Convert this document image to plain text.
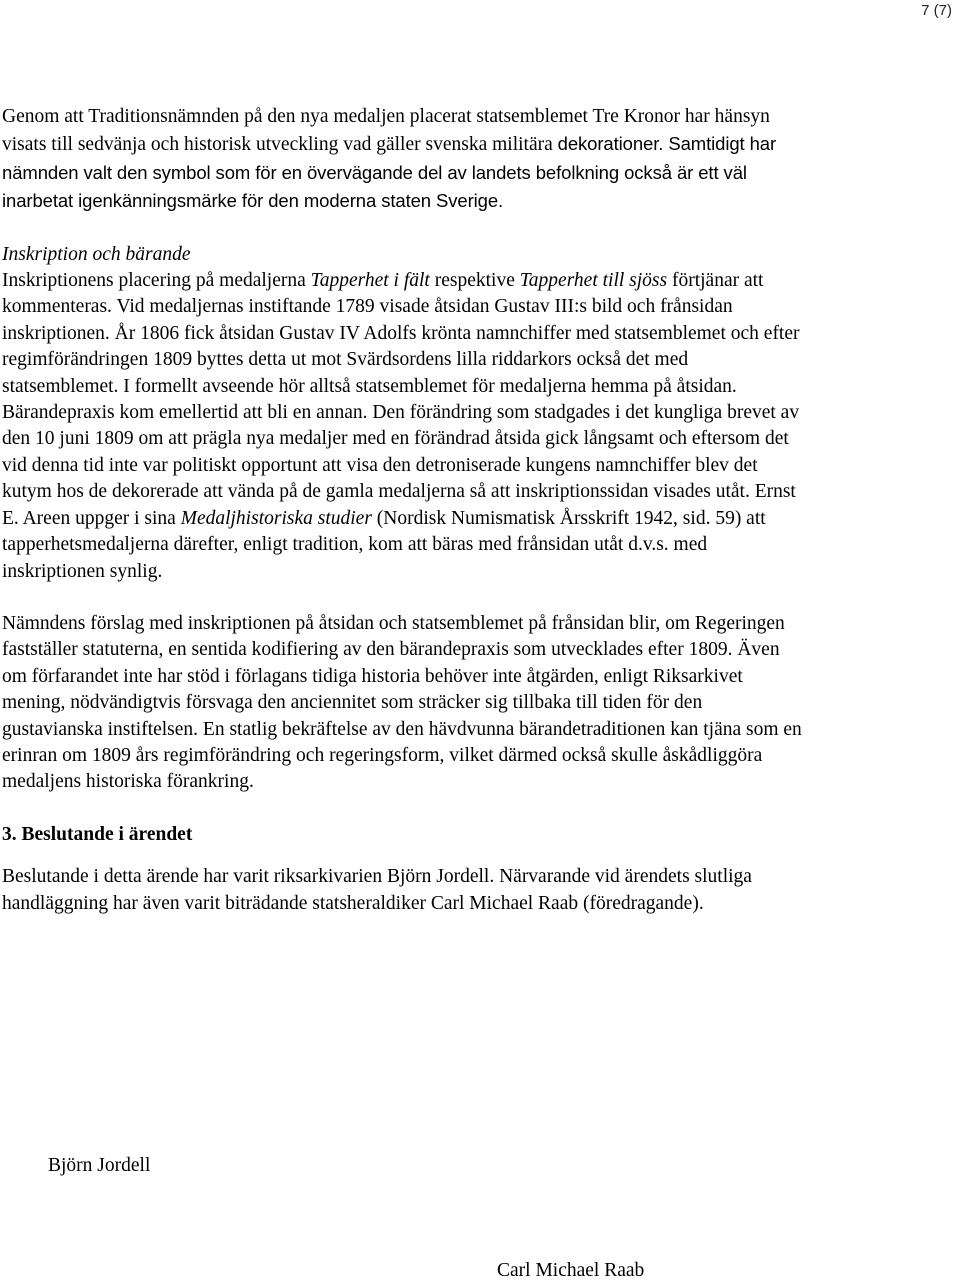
7 (7)

Genom att Traditionsnämnden på den nya medaljen placerat statsemblemet Tre Kronor har hänsyn visats till sedvänja och historisk utveckling vad gäller svenska militära dekorationer. Samtidigt har nämnden valt den symbol som för en övervägande del av landets befolkning också är ett väl inarbetat igenkänningsmärke för den moderna staten Sverige.

Inskription och bärande
Inskriptionens placering på medaljerna Tapperhet i fält respektive Tapperhet till sjöss förtjänar att kommenteras. Vid medaljernas instiftande 1789 visade åtsidan Gustav III:s bild och frånsidan inskriptionen. År 1806 fick åtsidan Gustav IV Adolfs krönta namnchiffer med statsemblemet och efter regimförändringen 1809 byttes detta ut mot Svärdsordens lilla riddarkors också det med statsemblemet. I formellt avseende hör alltså statsemblemet för medaljerna hemma på åtsidan. Bärandepraxis kom emellertid att bli en annan. Den förändring som stadgades i det kungliga brevet av den 10 juni 1809 om att prägla nya medaljer med en förändrad åtsida gick långsamt och eftersom det vid denna tid inte var politiskt opportunt att visa den detroniserade kungens namnchiffer blev det kutym hos de dekorerade att vända på de gamla medaljerna så att inskriptionssidan visades utåt. Ernst E. Areen uppger i sina Medaljhistoriska studier (Nordisk Numismatisk Årsskrift 1942, sid. 59) att tapperhetsmedaljerna därefter, enligt tradition, kom att bäras med frånsidan utåt d.v.s. med inskriptionen synlig.

Nämndens förslag med inskriptionen på åtsidan och statsemblemet på frånsidan blir, om Regeringen fastställer statuterna, en sentida kodifiering av den bärandepraxis som utvecklades efter 1809. Även om förfarandet inte har stöd i förlagans tidiga historia behöver inte åtgärden, enligt Riksarkivet mening, nödvändigtvis försvaga den anciennitet som sträcker sig tillbaka till tiden för den gustavianska instiftelsen. En statlig bekräftelse av den hävdvunna bärandetraditionen kan tjäna som en erinran om 1809 års regimförändring och regeringsform, vilket därmed också skulle åskådliggöra medaljens historiska förankring.

3. Beslutande i ärendet

Beslutande i detta ärende har varit riksarkivarien Björn Jordell. Närvarande vid ärendets slutliga handläggning har även varit biträdande statsheraldiker Carl Michael Raab (föredragande).

Björn Jordell
Carl Michael Raab
